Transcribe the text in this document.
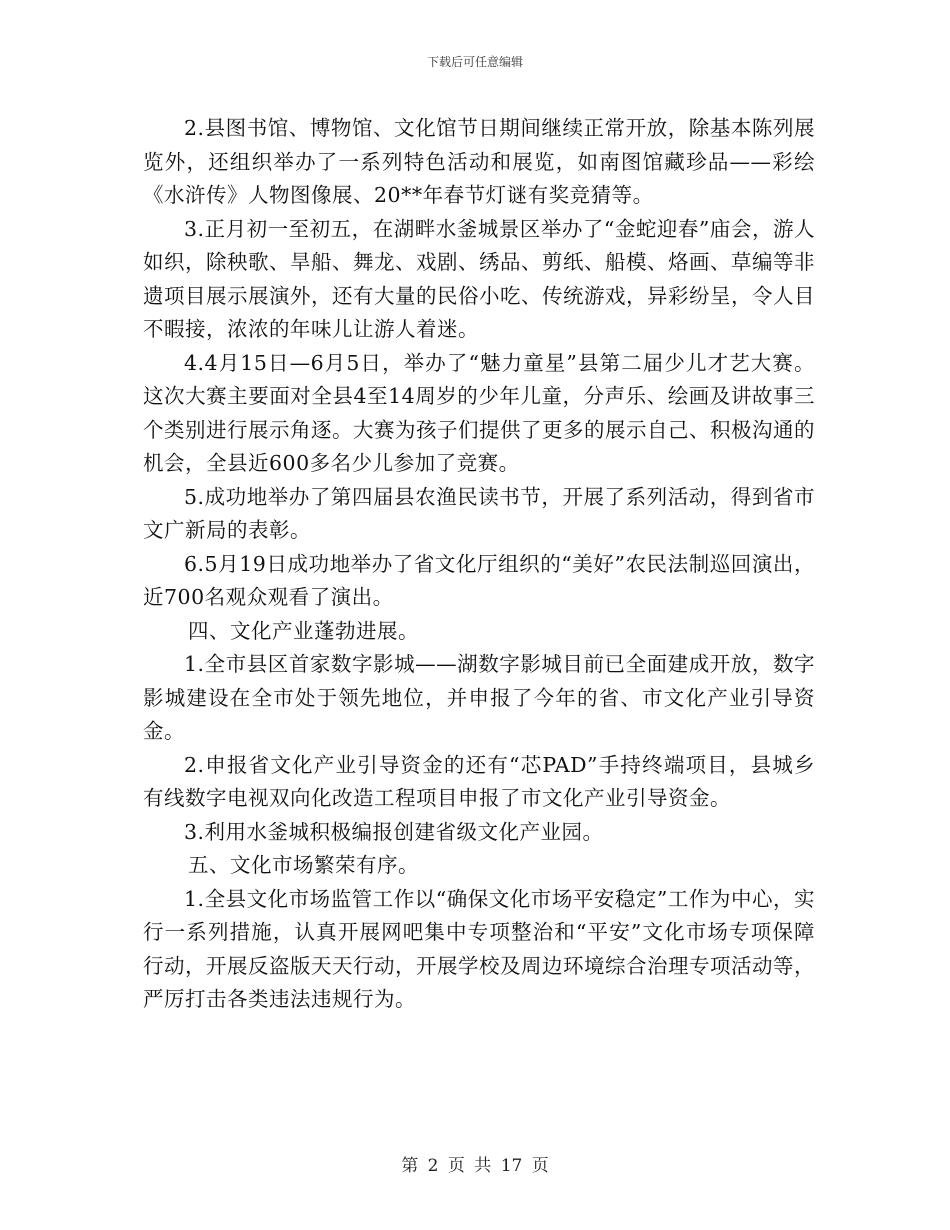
下载后可任意编辑

2.县图书馆、博物馆、文化馆节日期间继续正常开放，除基本陈列展览外，还组织举办了一系列特色活动和展览，如南图馆藏珍品——彩绘《水浒传》人物图像展、20**年春节灯谜有奖竞猜等。

3.正月初一至初五，在湖畔水釜城景区举办了“金蛇迎春”庙会，游人如织，除秧歌、旱船、舞龙、戏剧、绣品、剪纸、船模、烙画、草编等非遗项目展示展演外，还有大量的民俗小吃、传统游戏，异彩纷呈，令人目不暇接，浓浓的年味儿让游人着迷。

4.4月15日—6月5日，举办了“魅力童星”县第二届少儿才艺大赛。这次大赛主要面对全县4至14周岁的少年儿童，分声乐、绘画及讲故事三个类别进行展示角逐。大赛为孩子们提供了更多的展示自己、积极沟通的机会，全县近600多名少儿参加了竞赛。

5.成功地举办了第四届县农渔民读书节，开展了系列活动，得到省市文广新局的表彰。

6.5月19日成功地举办了省文化厅组织的“美好”农民法制巡回演出，近700名观众观看了演出。

四、文化产业蓬勃进展。

1.全市县区首家数字影城——湖数字影城目前已全面建成开放，数字影城建设在全市处于领先地位，并申报了今年的省、市文化产业引导资金。

2.申报省文化产业引导资金的还有“芯PAD”手持终端项目，县城乡有线数字电视双向化改造工程项目申报了市文化产业引导资金。

3.利用水釜城积极编报创建省级文化产业园。

五、文化市场繁荣有序。

1.全县文化市场监管工作以“确保文化市场平安稳定”工作为中心，实行一系列措施，认真开展网吧集中专项整治和“平安”文化市场专项保障行动，开展反盗版天天行动，开展学校及周边环境综合治理专项活动等，严厉打击各类违法违规行为。

第 2 页 共 17 页
